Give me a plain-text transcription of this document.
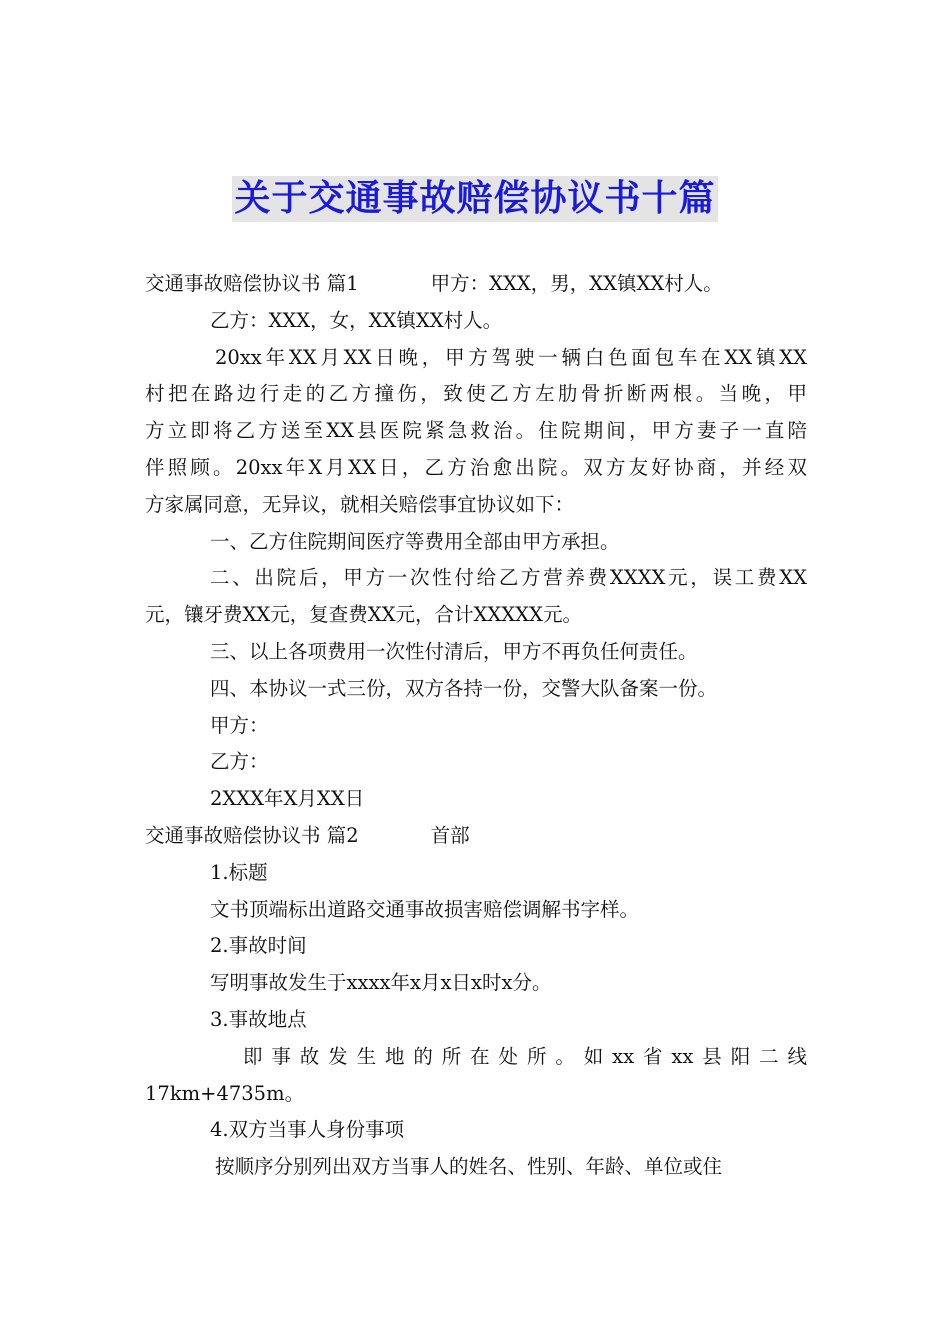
关于交通事故赔偿协议书十篇
交通事故赔偿协议书 篇1	甲方：XXX，男，XX镇XX村人。
乙方：XXX，女，XX镇XX村人。
20xx年XX月XX日晚，甲方驾驶一辆白色面包车在XX镇XX
村把在路边行走的乙方撞伤，致使乙方左肋骨折断两根。当晚，甲
方立即将乙方送至XX县医院紧急救治。住院期间，甲方妻子一直陪
伴照顾。20xx年X月XX日，乙方治愈出院。双方友好协商，并经双
方家属同意，无异议，就相关赔偿事宜协议如下：
一、乙方住院期间医疗等费用全部由甲方承担。
二、出院后，甲方一次性付给乙方营养费XXXX元，误工费XX
元，镶牙费XX元，复查费XX元，合计XXXXX元。
三、以上各项费用一次性付清后，甲方不再负任何责任。
四、本协议一式三份，双方各持一份，交警大队备案一份。
甲方：
乙方：
2XXX年X月XX日
交通事故赔偿协议书 篇2	首部
1.标题
文书顶端标出道路交通事故损害赔偿调解书字样。
2.事故时间
写明事故发生于xxxx年x月x日x时x分。
3.事故地点
即事故发生地的所在处所。如xx省xx县阳二线
17km+4735m。
4.双方当事人身份事项
按顺序分别列出双方当事人的姓名、性别、年龄、单位或住
